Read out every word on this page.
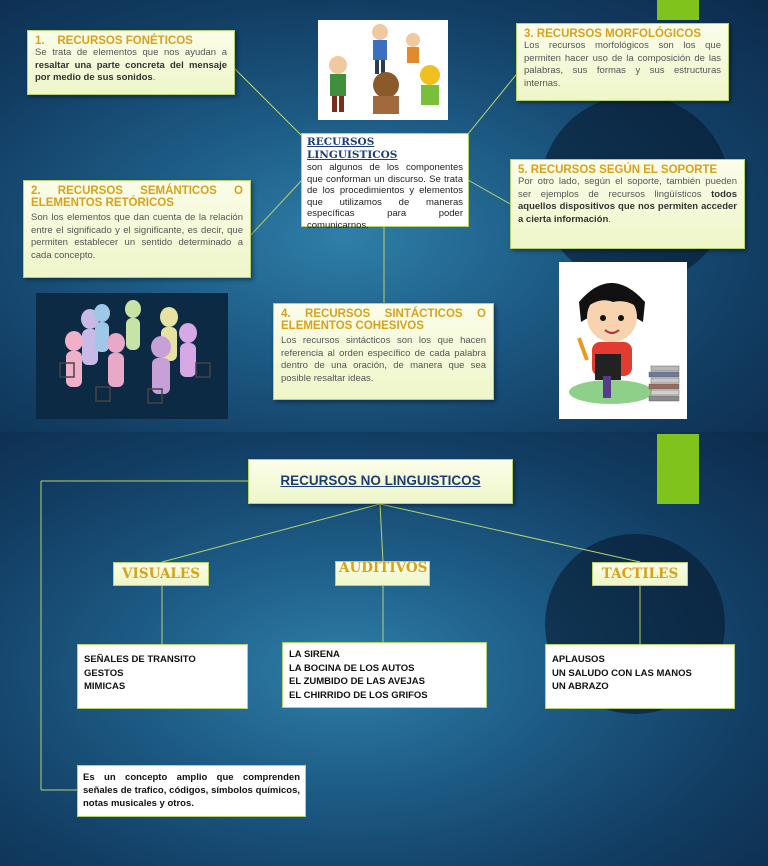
1.    RECURSOS FONÉTICOS
Se trata de elementos que nos ayudan a resaltar una parte concreta del mensaje por medio de sus sonidos.
2.   RECURSOS   SEMÁNTICOS   O ELEMENTOS RETÓRICOS
Son los elementos que dan cuenta de la relación entre el significado y el significante, es decir, que permiten establecer un sentido determinado a cada concepto.
3. RECURSOS MORFOLÓGICOS
Los recursos morfológicos son los que permiten hacer uso de la composición de las palabras, sus formas y sus estructuras internas.
4.   RECURSOS   SINTÁCTICOS   O ELEMENTOS COHESIVOS
Los recursos sintácticos son los que hacen referencia al orden específico de cada palabra dentro de una oración, de manera que sea posible resaltar ideas.
5. RECURSOS SEGÚN EL SOPORTE
Por otro lado, según el soporte, también pueden ser ejemplos de recursos lingüísticos todos aquellos dispositivos que nos permiten acceder a cierta información.
RECURSOS LINGUISTICOS
son algunos de los componentes que conforman un discurso. Se trata de los procedimientos y elementos que utilizamos de maneras específicas para poder comunicarnos.
RECURSOS NO LINGUISTICOS
VISUALES	AUDITIVOS	TACTILES
SEÑALES DE TRANSITO
GESTOS
MIMICAS
LA SIRENA
LA BOCINA DE LOS AUTOS
EL ZUMBIDO DE LAS AVEJAS
EL CHIRRIDO DE LOS GRIFOS
APLAUSOS
UN SALUDO CON LAS MANOS
UN ABRAZO
Es un concepto amplio que comprenden señales de trafico, códigos, símbolos químicos, notas musicales y otros.
